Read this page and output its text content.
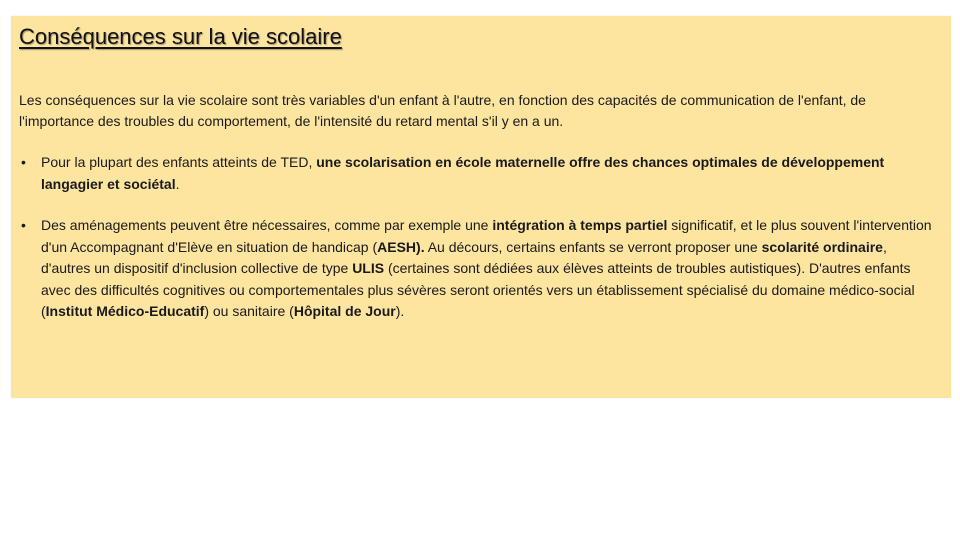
Conséquences sur la vie scolaire

Les conséquences sur la vie scolaire sont très variables d'un enfant à l'autre, en fonction des capacités de communication de l'enfant, de l'importance des troubles du comportement, de l'intensité du retard mental s'il y en a un.

• Pour la plupart des enfants atteints de TED, une scolarisation en école maternelle offre des chances optimales de développement langagier et sociétal.
• Des aménagements peuvent être nécessaires, comme par exemple une intégration à temps partiel significatif, et le plus souvent l'intervention d'un Accompagnant d'Elève en situation de handicap (AESH). Au décours, certains enfants se verront proposer une scolarité ordinaire, d'autres un dispositif d'inclusion collective de type ULIS (certaines sont dédiées aux élèves atteints de troubles autistiques). D'autres enfants avec des difficultés cognitives ou comportementales plus sévères seront orientés vers un établissement spécialisé du domaine médico-social (Institut Médico-Educatif) ou sanitaire (Hôpital de Jour).
